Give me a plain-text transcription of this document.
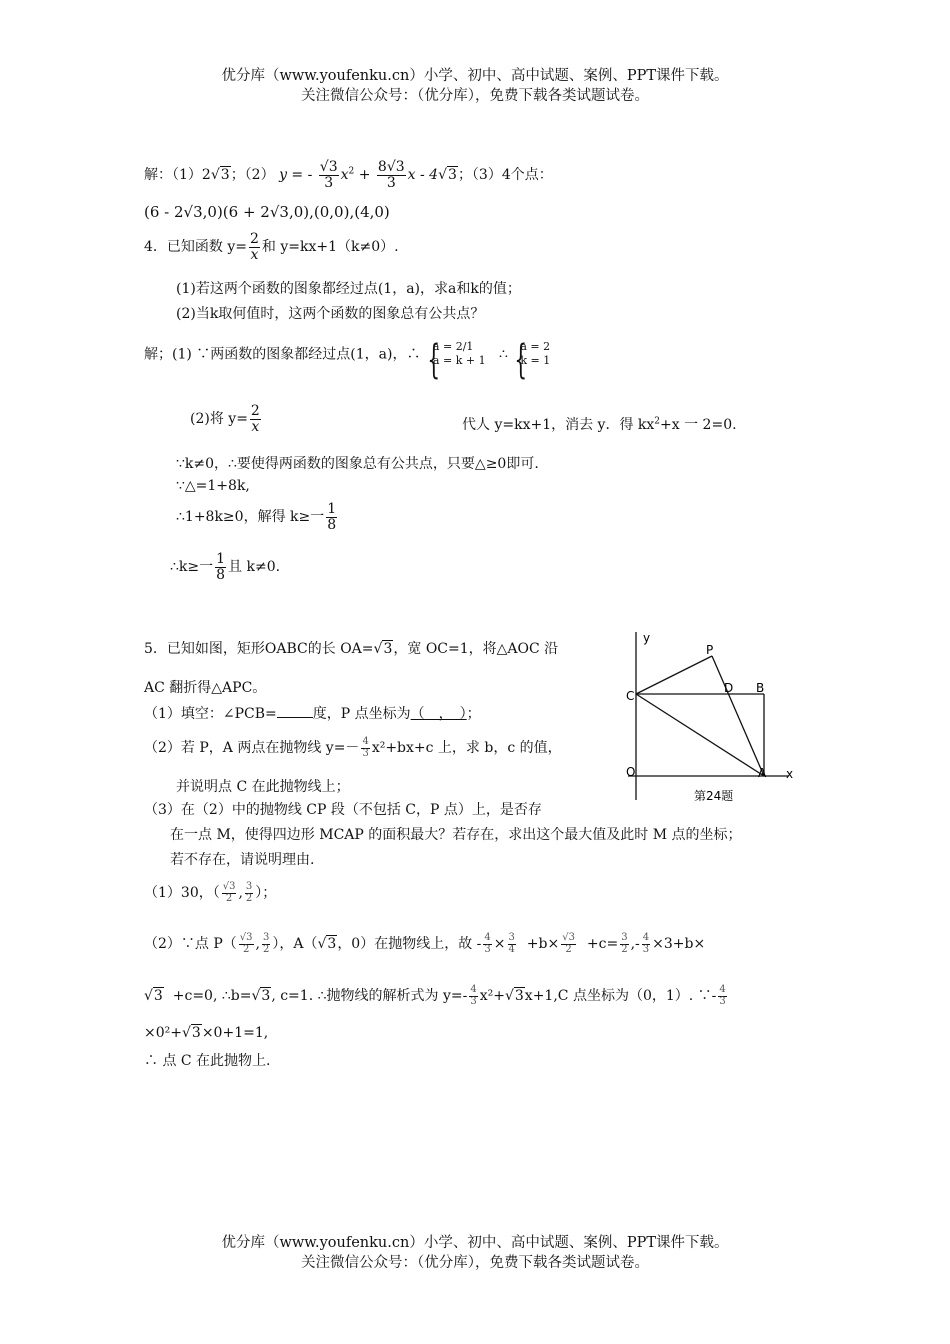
优分库（www.youfenku.cn）小学、初中、高中试题、案例、PPT课件下载。
关注微信公众号：（优分库），免费下载各类试题试卷。
解：（1）2√3；（2） y = - $\frac{√3}{3} x^2 + \frac{8√3}{3}$ x - 4√3；（3）4个点：
(6 - 2√3,0)(6 + 2√3,0),(0,0),(4,0)
4．已知函数 $y= \frac{2}{x}$ 和 y=kx+1（k≠0）.
(1)若这两个函数的图象都经过点(1，a)，求a和k的值；
(2)当k取何值时，这两个函数的图象总有公共点？
解；(1) ∵两函数的图象都经过点(1，a)，∴ { a = 2/1
a = k + 1 ∴ { a = 2
k = 1
(2)将 $y= \frac{2}{x}$	代人 y=kx+1，消去 y．得 $kx^2+x$ 一 2=0.
∵k≠0，∴要使得两函数的图象总有公共点，只要△≥0即可.
∵△=1+8k,
∴1+8k≥0，解得 k≥一 $\frac{1}{8}$
∴k≥一 $\frac{1}{8}$ 且 k≠0.
5．已知如图，矩形OABC的长 OA=√3，宽 OC=1，将△AOC 沿
AC 翻折得△APC。
（1）填空：∠PCB=	度，P 点坐标为（　，　）；
（2）若 P，A 两点在抛物线 $y=- \frac{4}{3} x^2+bx+c$ 上，求 b，c 的值，
并说明点 C 在此抛物线上；
（3）在（2）中的抛物线 CP 段（不包括 C，P 点）上，是否存
在一点 M，使得四边形 MCAP 的面积最大？若存在，求出这个最大值及此时 M 点的坐标；
若不存在，请说明理由.
（1）30，（ $\frac{√3}{2}$ , $\frac{3}{2}$ ）；
（2）∵点 $P( \frac{√3}{2}$ , $\frac{3}{2}$ ），A（√3，0）在抛物线上，故 - $\frac{4}{3} \times \frac{3}{4} +b\times \frac{√3}{2} +c= \frac{3}{2}$ ,- $\frac{4}{3} \times 3+b\times$
√3 +c=0, ∴b=√3, c=1. ∴抛物线的解析式为 $y=- \frac{4}{3} x^2+√3x+1,C$ 点坐标为（0，1）. ∵- $\frac{4}{3}$
×0²+√3×0+1=1,
∴ 点 C 在此抛物上.
y
x
P
D B
C
O	A
第24题
优分库（www.youfenku.cn）小学、初中、高中试题、案例、PPT课件下载。
关注微信公众号：（优分库），免费下载各类试题试卷。
